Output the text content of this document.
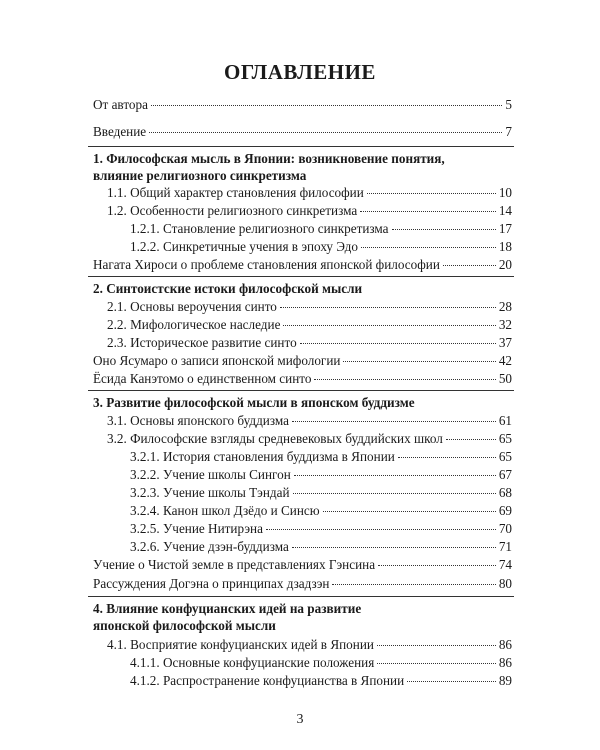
ОГЛАВЛЕНИЕ
От автора	5
Введение	7
1. Философская мысль в Японии: возникновение понятия,
влияние религиозного синкретизма
1.1. Общий характер становления философии	10
1.2. Особенности религиозного синкретизма	14
1.2.1. Становление религиозного синкретизма	17
1.2.2. Синкретичные учения в эпоху Эдо	18
Нагата Хироси о проблеме становления японской философии	20
2. Синтоистские истоки философской мысли
2.1. Основы вероучения синто	28
2.2. Мифологическое наследие	32
2.3. Историческое развитие синто	37
Оно Ясумаро о записи японской мифологии	42
Ёсида Канэтомо о единственном синто	50
3. Развитие философской мысли в японском буддизме
3.1. Основы японского буддизма	61
3.2. Философские взгляды средневековых буддийских школ	65
3.2.1. История становления буддизма в Японии	65
3.2.2. Учение школы Сингон	67
3.2.3. Учение школы Тэндай	68
3.2.4. Канон школ Дзёдо и Синсю	69
3.2.5. Учение Нитирэна	70
3.2.6. Учение дзэн-буддизма	71
Учение о Чистой земле в представлениях Гэнсина	74
Рассуждения Догэна о принципах дзадзэн	80
4. Влияние конфуцианских идей на развитие
японской философской мысли
4.1. Восприятие конфуцианских идей в Японии	86
4.1.1. Основные конфуцианские положения	86
4.1.2. Распространение конфуцианства в Японии	89
3
